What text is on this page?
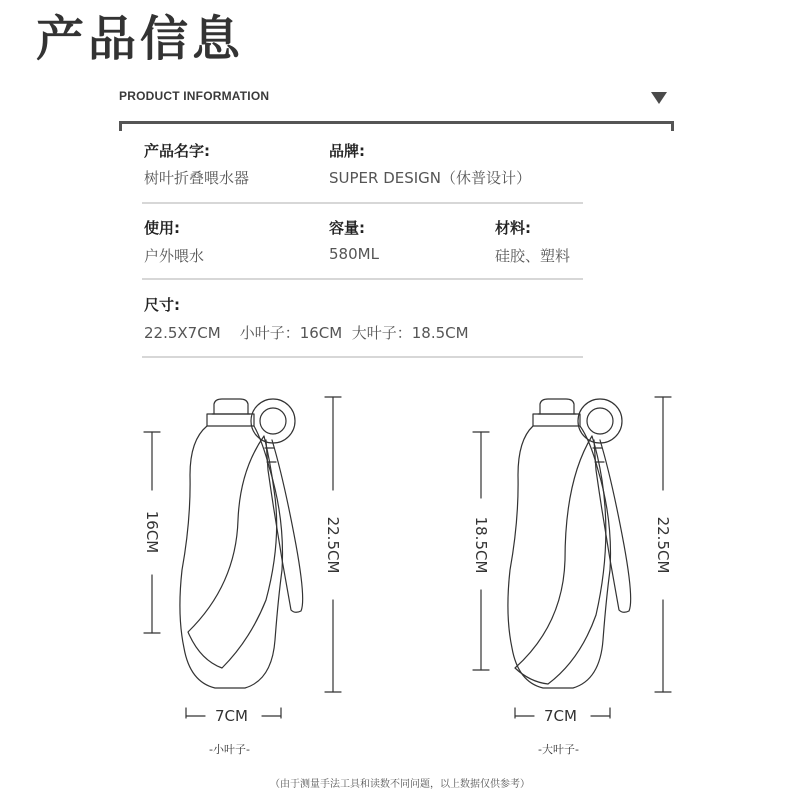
产品信息
PRODUCT INFORMATION
产品名字:
树叶折叠喂水器
品牌:
SUPER DESIGN（休普设计）
使用:
户外喂水
容量:
580ML
材料:
硅胶、塑料
尺寸:
22.5X7CM    小叶子：16CM  大叶子：18.5CM
16CM	22.5CM
7CM
-小叶子-
18.5CM	22.5CM
7CM
-大叶子-
（由于测量手法工具和读数不同问题，以上数据仅供参考）
